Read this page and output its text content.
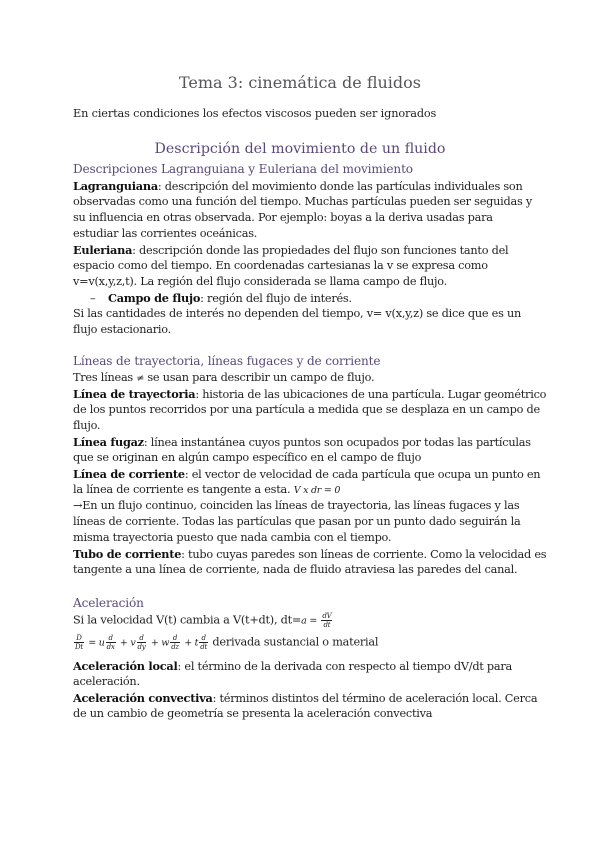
Tema 3: cinemática de fluidos
En ciertas condiciones los efectos viscosos pueden ser ignorados
Descripción del movimiento de un fluido
Descripciones Lagranguiana y Euleriana del movimiento
Lagranguiana: descripción del movimiento donde las partículas individuales son
observadas como una función del tiempo. Muchas partículas pueden ser seguidas y
su influencia en otras observada. Por ejemplo: boyas a la deriva usadas para
estudiar las corrientes oceánicas.
Euleriana: descripción donde las propiedades del flujo son funciones tanto del
espacio como del tiempo. En coordenadas cartesianas la v se expresa como
v=v(x,y,z,t). La región del flujo considerada se llama campo de flujo.
– Campo de flujo: región del flujo de interés.
Si las cantidades de interés no dependen del tiempo, v= v(x,y,z) se dice que es un
flujo estacionario.
Líneas de trayectoria, líneas fugaces y de corriente
Tres líneas ≠ se usan para describir un campo de flujo.
Línea de trayectoria: historia de las ubicaciones de una partícula. Lugar geométrico
de los puntos recorridos por una partícula a medida que se desplaza en un campo de
flujo.
Línea fugaz: línea instantánea cuyos puntos son ocupados por todas las partículas
que se originan en algún campo específico en el campo de flujo
Línea de corriente: el vector de velocidad de cada partícula que ocupa un punto en
la línea de corriente es tangente a esta. V x dr = 0
→En un flujo continuo, coinciden las líneas de trayectoria, las líneas fugaces y las
líneas de corriente. Todas las partículas que pasan por un punto dado seguirán la
misma trayectoria puesto que nada cambia con el tiempo.
Tubo de corriente: tubo cuyas paredes son líneas de corriente. Como la velocidad es
tangente a una línea de corriente, nada de fluido atraviesa las paredes del canal.
Aceleración
Si la velocidad V(t) cambia a V(t+dt), $dt=a = \frac{dV}{dt}$
$\frac{D}{Dt} = u \frac{d}{dx} + v \frac{d}{dy} + w \frac{d}{dz} + t \frac{d}{dt}$ derivada sustancial o material
Aceleración local: el término de la derivada con respecto al tiempo dV/dt para
aceleración.
Aceleración convectiva: términos distintos del término de aceleración local. Cerca
de un cambio de geometría se presenta la aceleración convectiva
